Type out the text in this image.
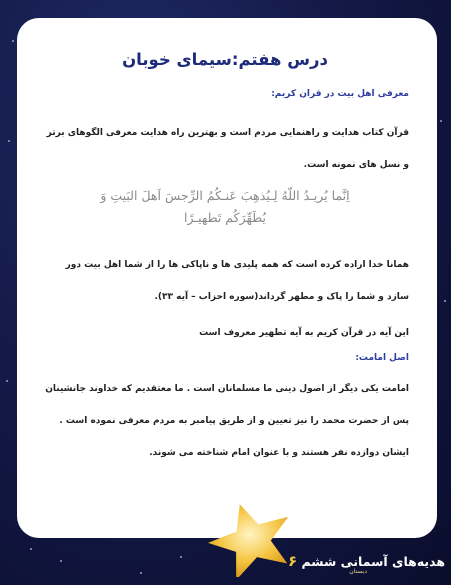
درس هفتم:سیمای خوبان
معرفی اهل بیت در قران کریم:

قرآن کتاب هدایت و راهنمایی مردم است و بهترین راه هدایت معرفی الگوهای برتر و نسل های نمونه است.

اِنَّما یُریـدُ اللّهُ لِـیُذهِبَ عَنـکُمُ الرِّجسَ اَهلَ البَیتِ وَ
یُطَهِّرَکُم تَطهیـرًا

همانا خدا اراده کرده است که همه پلیدی ها و ناپاکی ها را از شما اهل بیت دور سازد و شما را پاک و مطهر گرداند(سوره احزاب – آیه ۳۳).

این آیه در قرآن کریم به آیه تطهیر معروف است

اصل امامت:

امامت یکی دیگر از اصول دینی ما مسلمانان است . ما معتقدیم که خداوند جانشینان پس از حضرت محمد را نیز تعیین و از طریق پیامبر به مردم معرفی نموده است . ایشان دوازده نفر هستند و با عنوان امام شناخته می شوند.

هدیه‌های آسمانی ششم ۶
دبستان
